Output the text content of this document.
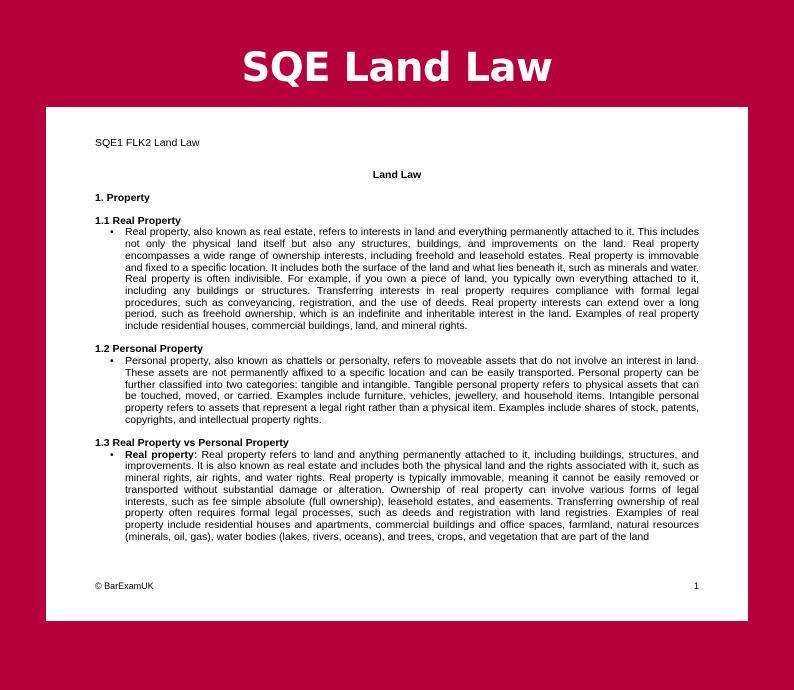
SQE Land Law
SQE1 FLK2 Land Law
Land Law

1. Property

1.1 Real Property

• Real property, also known as real estate, refers to interests in land and everything permanently attached to it. This includes not only the physical land itself but also any structures, buildings, and improvements on the land. Real property encompasses a wide range of ownership interests, including freehold and leasehold estates. Real property is immovable and fixed to a specific location. It includes both the surface of the land and what lies beneath it, such as minerals and water. Real property is often indivisible. For example, if you own a piece of land, you typically own everything attached to it, including any buildings or structures. Transferring interests in real property requires compliance with formal legal procedures, such as conveyancing, registration, and the use of deeds. Real property interests can extend over a long period, such as freehold ownership, which is an indefinite and inheritable interest in the land. Examples of real property include residential houses, commercial buildings, land, and mineral rights.

1.2 Personal Property

• Personal property, also known as chattels or personalty, refers to moveable assets that do not involve an interest in land. These assets are not permanently affixed to a specific location and can be easily transported. Personal property can be further classified into two categories: tangible and intangible. Tangible personal property refers to physical assets that can be touched, moved, or carried. Examples include furniture, vehicles, jewellery, and household items. Intangible personal property refers to assets that represent a legal right rather than a physical item. Examples include shares of stock, patents, copyrights, and intellectual property rights.

1.3 Real Property vs Personal Property

• Real property: Real property refers to land and anything permanently attached to it, including buildings, structures, and improvements. It is also known as real estate and includes both the physical land and the rights associated with it, such as mineral rights, air rights, and water rights. Real property is typically immovable, meaning it cannot be easily removed or transported without substantial damage or alteration. Ownership of real property can involve various forms of legal interests, such as fee simple absolute (full ownership), leasehold estates, and easements. Transferring ownership of real property often requires formal legal processes, such as deeds and registration with land registries. Examples of real property include residential houses and apartments, commercial buildings and office spaces, farmland, natural resources (minerals, oil, gas), water bodies (lakes, rivers, oceans), and trees, crops, and vegetation that are part of the land

© BarExamUK	1
